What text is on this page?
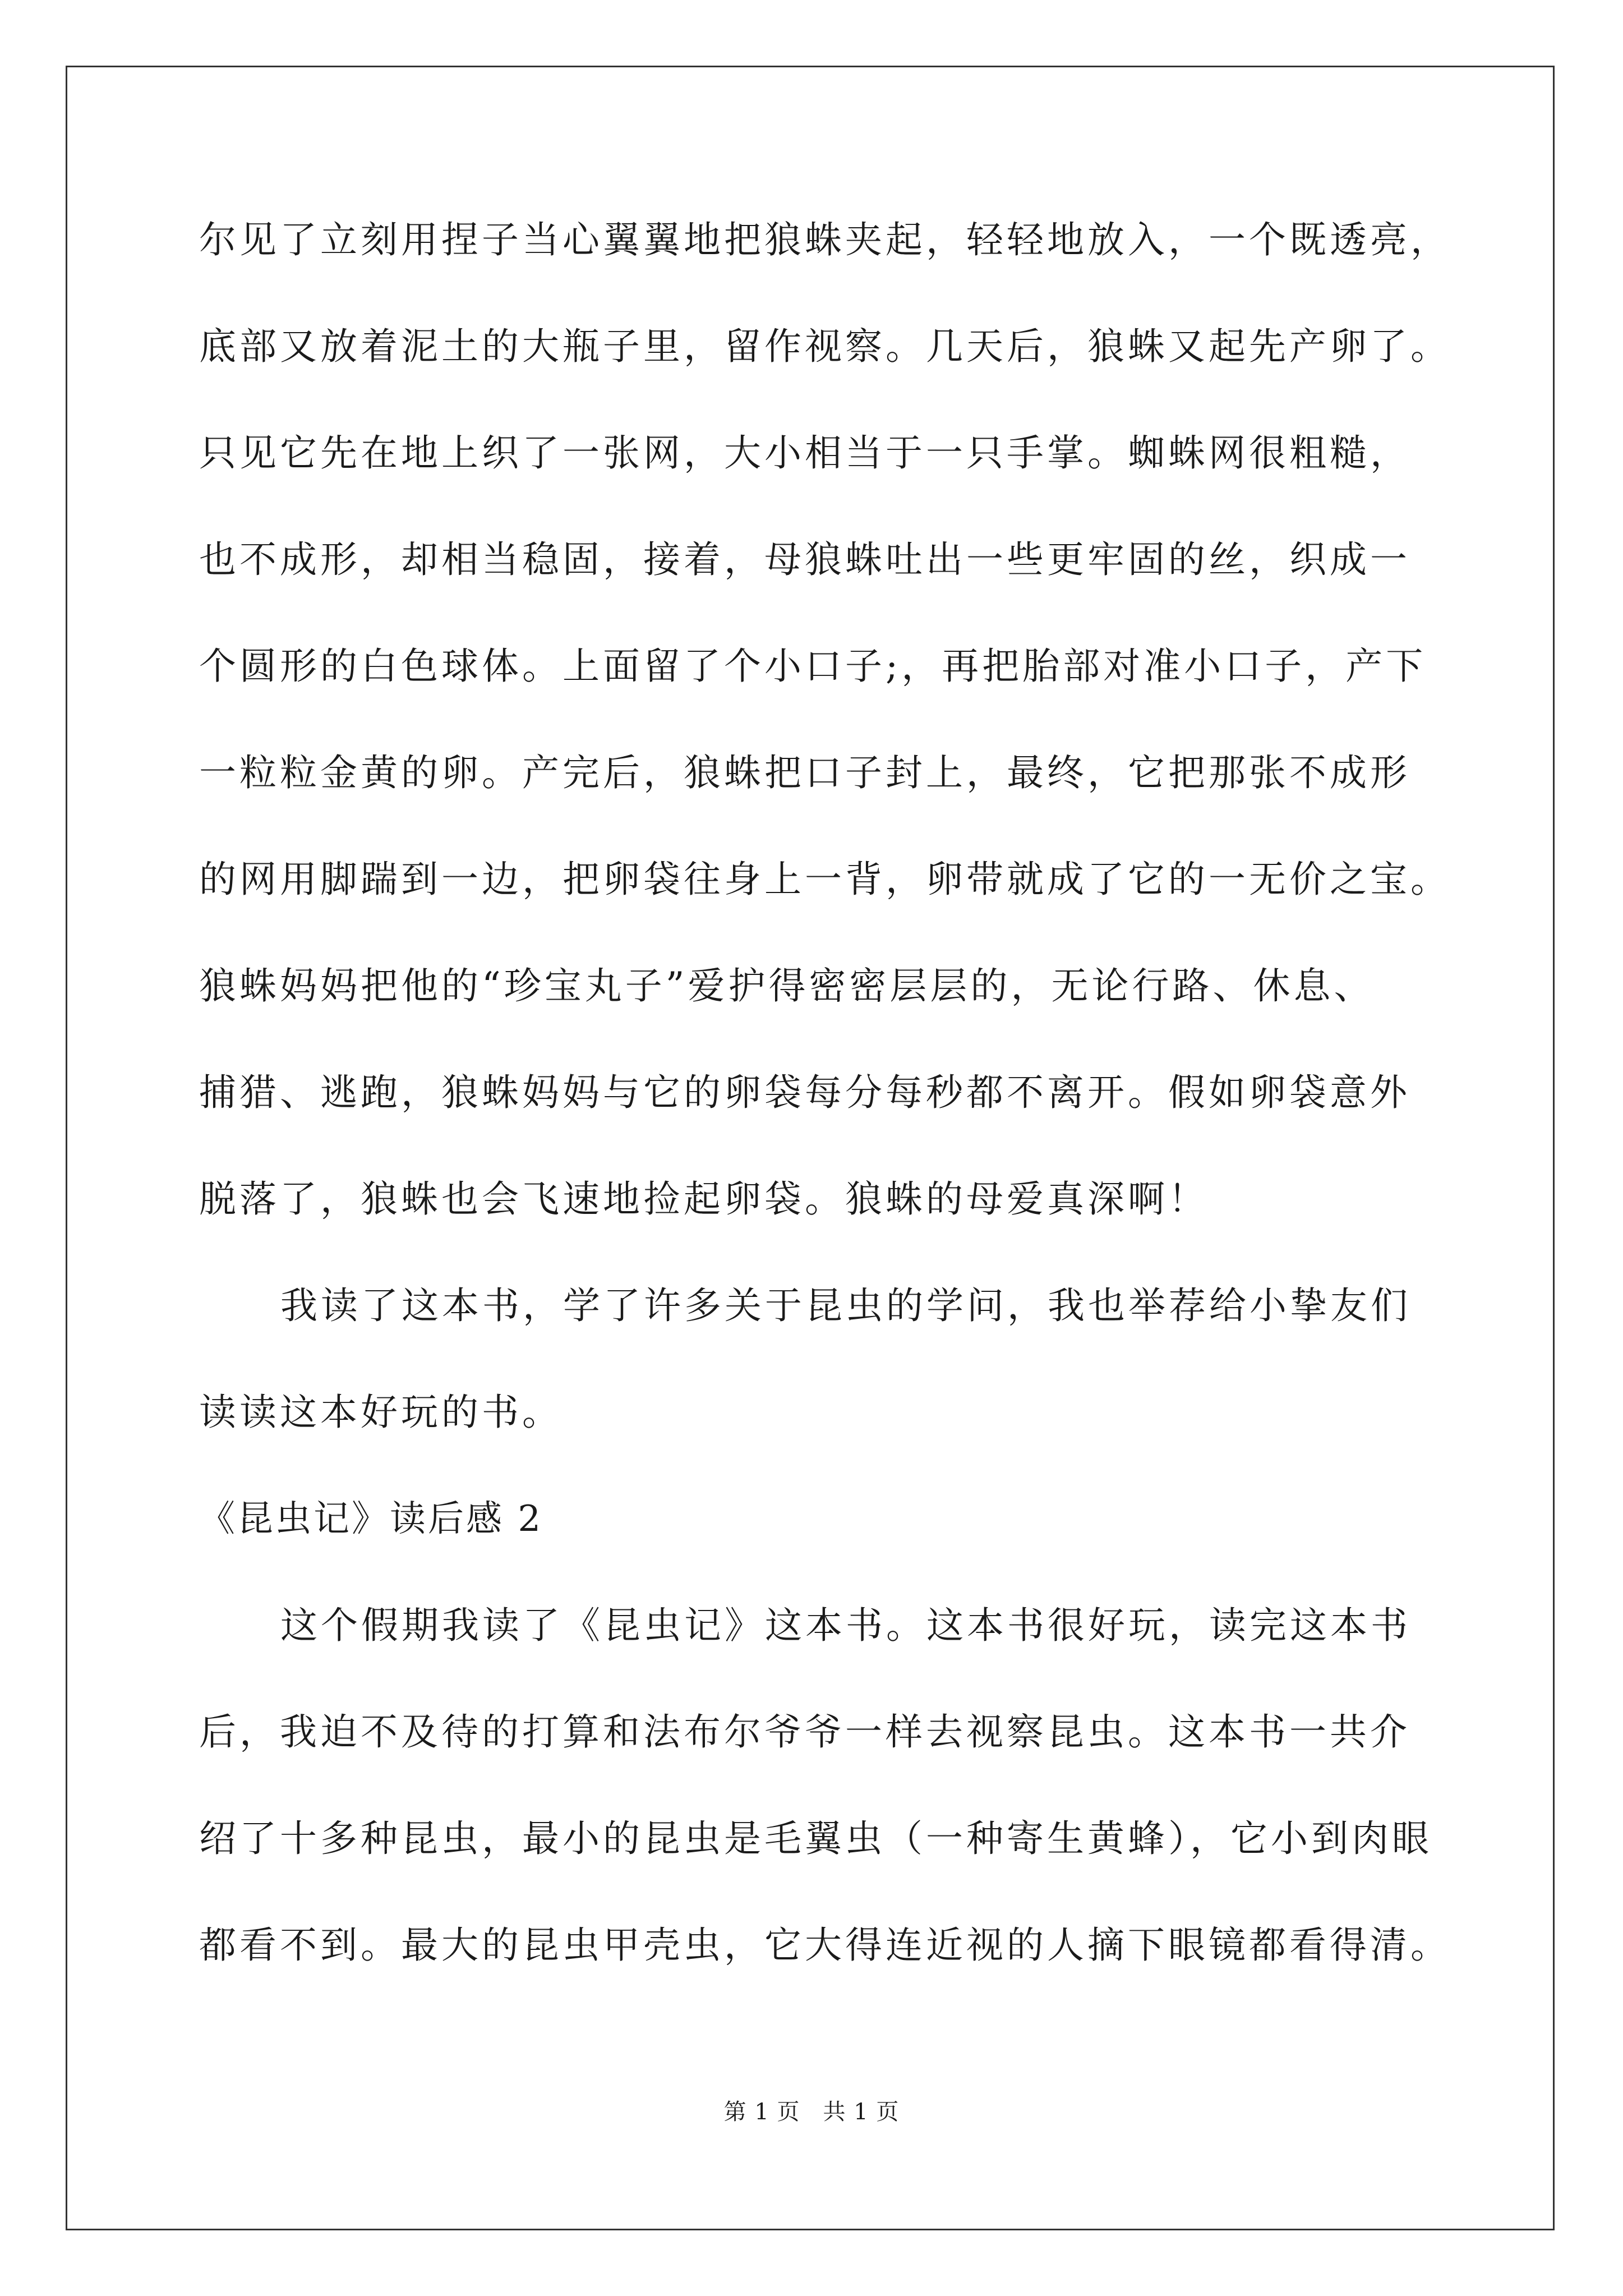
尔见了立刻用捏子当心翼翼地把狼蛛夹起，轻轻地放入，一个既透亮，
底部又放着泥土的大瓶子里，留作视察。几天后，狼蛛又起先产卵了。
只见它先在地上织了一张网，大小相当于一只手掌。蜘蛛网很粗糙，
也不成形，却相当稳固，接着，母狼蛛吐出一些更牢固的丝，织成一
个圆形的白色球体。上面留了个小口子;，再把胎部对准小口子，产下
一粒粒金黄的卵。产完后，狼蛛把口子封上，最终，它把那张不成形
的网用脚踹到一边，把卵袋往身上一背，卵带就成了它的一无价之宝。
狼蛛妈妈把他的“珍宝丸子”爱护得密密层层的，无论行路、休息、
捕猎、逃跑，狼蛛妈妈与它的卵袋每分每秒都不离开。假如卵袋意外
脱落了，狼蛛也会飞速地捡起卵袋。狼蛛的母爱真深啊！
我读了这本书，学了许多关于昆虫的学问，我也举荐给小挚友们
读读这本好玩的书。
《昆虫记》读后感 2
这个假期我读了《昆虫记》这本书。这本书很好玩，读完这本书
后，我迫不及待的打算和法布尔爷爷一样去视察昆虫。这本书一共介
绍了十多种昆虫，最小的昆虫是毛翼虫（一种寄生黄蜂），它小到肉眼
都看不到。最大的昆虫甲壳虫，它大得连近视的人摘下眼镜都看得清。
第 1 页　共 1 页
